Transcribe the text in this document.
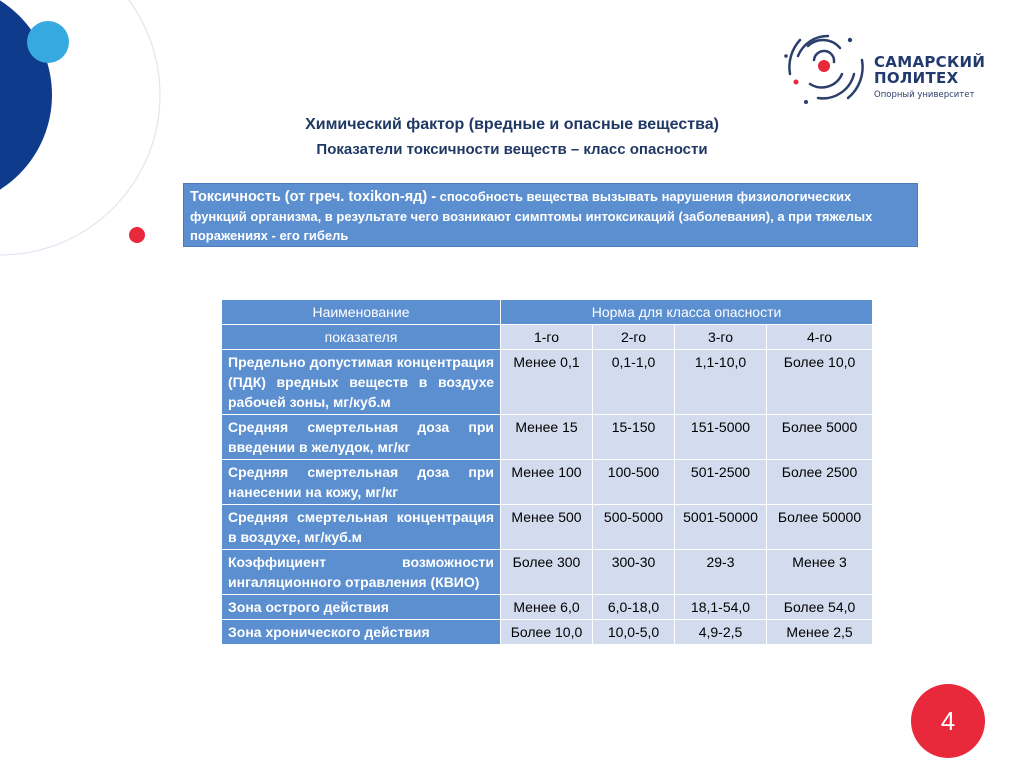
САМАРСКИЙ
ПОЛИТЕХ
Опорный университет
Химический фактор (вредные и опасные вещества)
Показатели токсичности веществ – класс опасности
Токсичность (от греч. toxikon-яд) - способность вещества вызывать нарушения физиологических функций организма, в результате чего возникают симптомы интоксикаций (заболевания), а при тяжелых поражениях - его гибель
Наименование	Норма для класса опасности			
показателя	1-го	2-го	3-го	4-го
Предельно допустимая концентрация (ПДК) вредных веществ в воздухе рабочей зоны, мг/куб.м	Менее 0,1	0,1-1,0	1,1-10,0	Более 10,0
Средняя смертельная доза при введении в желудок, мг/кг	Менее 15	15-150	151-5000	Более 5000
Средняя смертельная доза при нанесении на кожу, мг/кг	Менее 100	100-500	501-2500	Более 2500
Средняя смертельная концентрация в воздухе, мг/куб.м	Менее 500	500-5000	5001-50000	Более 50000
Коэффициент возможности ингаляционного отравления (КВИО)	Более 300	300-30	29-3	Менее 3
Зона острого действия	Менее 6,0	6,0-18,0	18,1-54,0	Более 54,0
Зона хронического действия	Более 10,0	10,0-5,0	4,9-2,5	Менее 2,5
4
